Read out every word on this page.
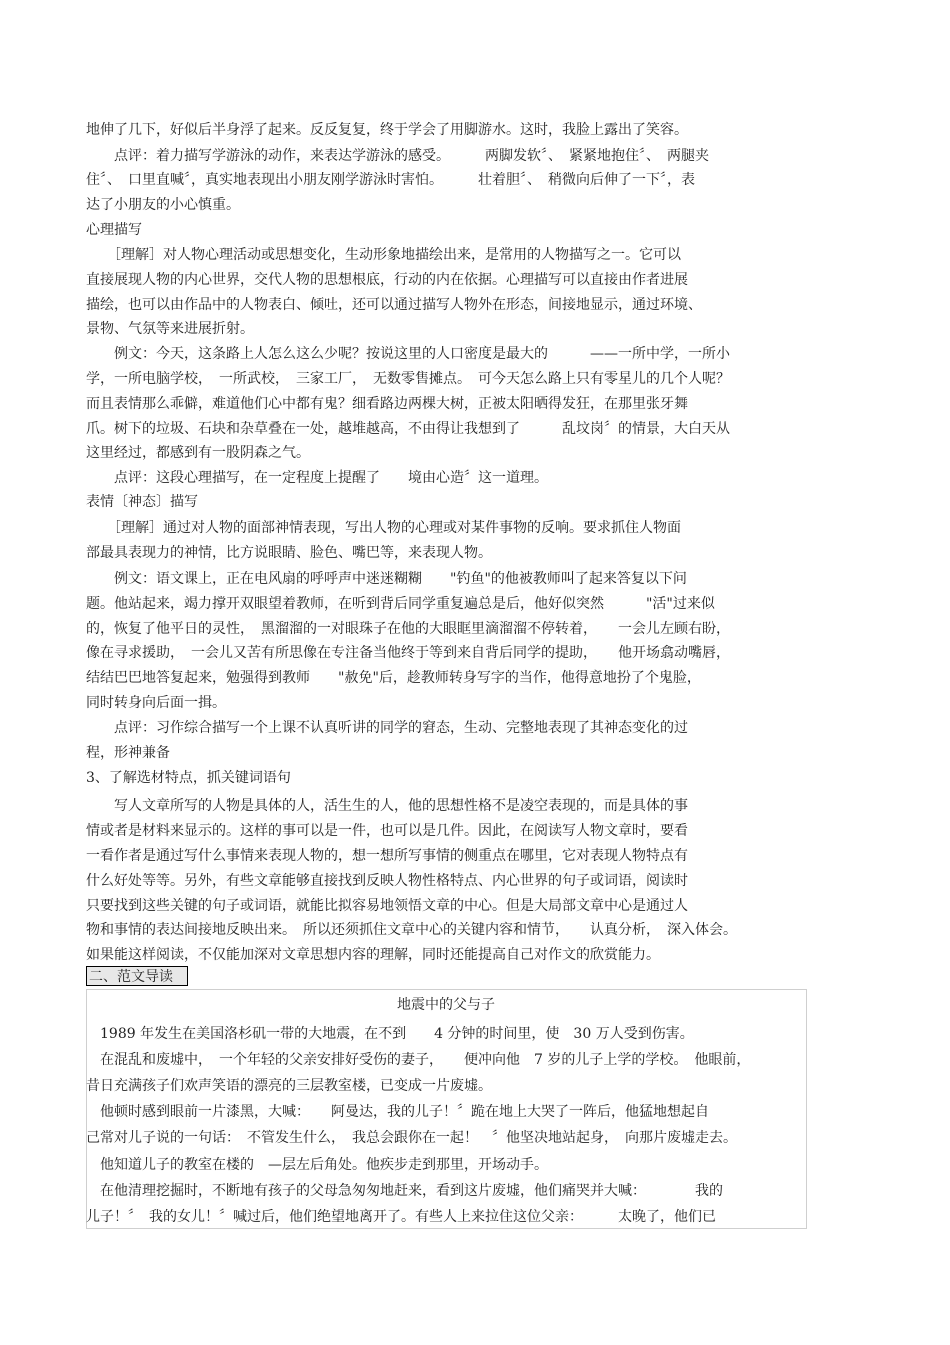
地伸了几下，好似后半身浮了起来。反反复复，终于学会了用脚游水。这时，我脸上露出了笑容。
　　点评：着力描写学游泳的动作，来表达学游泳的感受。　　　两脚发软〞、　紧紧地抱住〞、　两腿夹
住〞、　口里直喊〞，真实地表现出小朋友刚学游泳时害怕。　　　壮着胆〞、　稍微向后伸了一下〞，表
达了小朋友的小心慎重。
心理描写
　　［理解］对人物心理活动或思想变化，生动形象地描绘出来，是常用的人物描写之一。它可以
直接展现人物的内心世界，交代人物的思想根底，行动的内在依据。心理描写可以直接由作者进展
描绘，也可以由作品中的人物表白、倾吐，还可以通过描写人物外在形态，间接地显示，通过环境、
景物、气氛等来进展折射。
　　例文：今天，这条路上人怎么这么少呢？按说这里的人口密度是最大的　　　——一所中学，一所小
学，一所电脑学校，　一所武校，　三家工厂，　无数零售摊点。　可今天怎么路上只有零星儿的几个人呢？
而且表情那么乖僻，难道他们心中都有鬼？细看路边两棵大树，正被太阳晒得发狂，在那里张牙舞
爪。树下的垃圾、石块和杂草叠在一处，越堆越高，不由得让我想到了　　　乱坟岗〞的情景，大白天从
这里经过，都感到有一股阴森之气。
　　点评：这段心理描写，在一定程度上提醒了　　境由心造〞这一道理。
表情〔神态〕描写
　　［理解］通过对人物的面部神情表现，写出人物的心理或对某件事物的反响。要求抓住人物面
部最具表现力的神情，比方说眼睛、脸色、嘴巴等，来表现人物。
　　例文：语文课上，正在电风扇的呼呼声中迷迷糊糊　　"钓鱼"的他被教师叫了起来答复以下问
题。他站起来，竭力撑开双眼望着教师，在听到背后同学重复遍总是后，他好似突然　　　"活"过来似
的，恢复了他平日的灵性，　黑溜溜的一对眼珠子在他的大眼眶里滴溜溜不停转着，　　一会儿左顾右盼，
像在寻求援助，　一会儿又苦有所思像在专注备当他终于等到来自背后同学的提助，　　他开场翕动嘴唇，
结结巴巴地答复起来，勉强得到教师　　"赦免"后，趁教师转身写字的当作，他得意地扮了个鬼脸，
同时转身向后面一揖。
　　点评：习作综合描写一个上课不认真听讲的同学的窘态，生动、完整地表现了其神态变化的过
程，形神兼备
3、了解选材特点，抓关键词语句
　　写人文章所写的人物是具体的人，活生生的人，他的思想性格不是凌空表现的，而是具体的事
情或者是材料来显示的。这样的事可以是一件，也可以是几件。因此，在阅读写人物文章时，要看
一看作者是通过写什么事情来表现人物的，想一想所写事情的侧重点在哪里，它对表现人物特点有
什么好处等等。另外，有些文章能够直接找到反映人物性格特点、内心世界的句子或词语，阅读时
只要找到这些关键的句子或词语，就能比拟容易地领悟文章的中心。但是大局部文章中心是通过人
物和事情的表达间接地反映出来。　所以还须抓住文章中心的关键内容和情节，　　认真分析，　深入体会。
如果能这样阅读，不仅能加深对文章思想内容的理解，同时还能提高自己对作文的欣赏能力。
二、范文导读
地震中的父与子
　1989 年发生在美国洛杉矶一带的大地震，在不到　　4 分钟的时间里，使　30 万人受到伤害。
　在混乱和废墟中，　一个年轻的父亲安排好受伤的妻子，　　便冲向他　7 岁的儿子上学的学校。　他眼前，
昔日充满孩子们欢声笑语的漂亮的三层教室楼，已变成一片废墟。
　他顿时感到眼前一片漆黑，大喊：　　阿曼达，我的儿子！〞跪在地上大哭了一阵后，他猛地想起自
己常对儿子说的一句话：　不管发生什么，　我总会跟你在一起！　〞他坚决地站起身，　向那片废墟走去。
　他知道儿子的教室在楼的　—层左后角处。他疾步走到那里，开场动手。
　在他清理挖掘时，不断地有孩子的父母急匆匆地赶来，看到这片废墟，他们痛哭并大喊：　　　　我的
儿子！〞　我的女儿！〞喊过后，他们绝望地离开了。有些人上来拉住这位父亲：　　　太晚了，他们已
